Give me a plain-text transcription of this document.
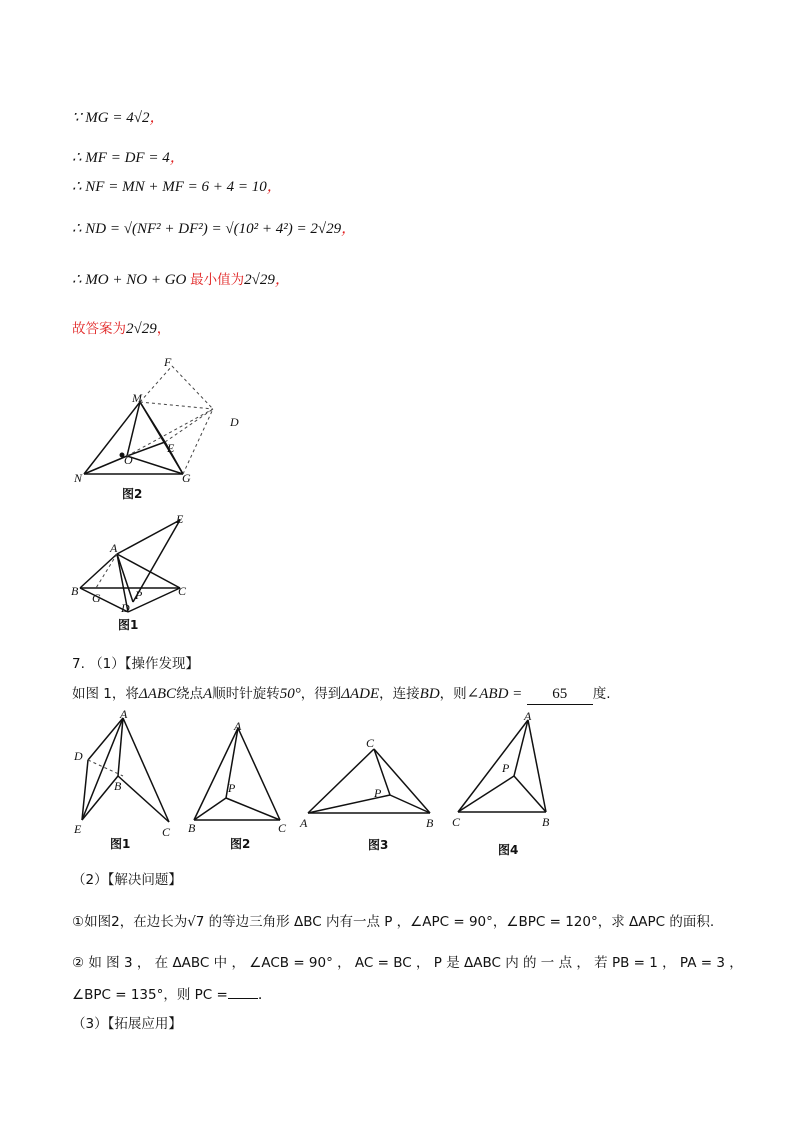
∵ MG = 4√2，
∴ MF = DF = 4，
∴ NF = MN + MF = 6 + 4 = 10，
∴ ND = √(NF² + DF²) = √(10² + 4²) = 2√29，
∴ MO + NO + GO 最小值为2√29，
故答案为2√29，
F
M
D
E
O
N	G
图2
E
A
B G	P	C
D
图1
7. （1）【操作发现】
如图 1，将ΔABC绕点A顺时针旋转50°，得到ΔADE，连接BD，则∠ABD = 65 度.
A
D
B
E	C
图1
A
P
B	C
图2
C
P
A	B
图3
A
P
C	B
图4
（2）【解决问题】
①如图2，在边长为√7 的等边三角形 ΔBC 内有一点 P ，∠APC = 90°，∠BPC = 120°，求 ΔAPC 的面积.
② 如 图 3 ， 在 ΔABC 中 ， ∠ACB = 90° ， AC = BC ， P 是 ΔABC 内 的 一 点 ， 若 PB = 1 ， PA = 3 ，
∠BPC = 135°，则 PC = .
（3）【拓展应用】
